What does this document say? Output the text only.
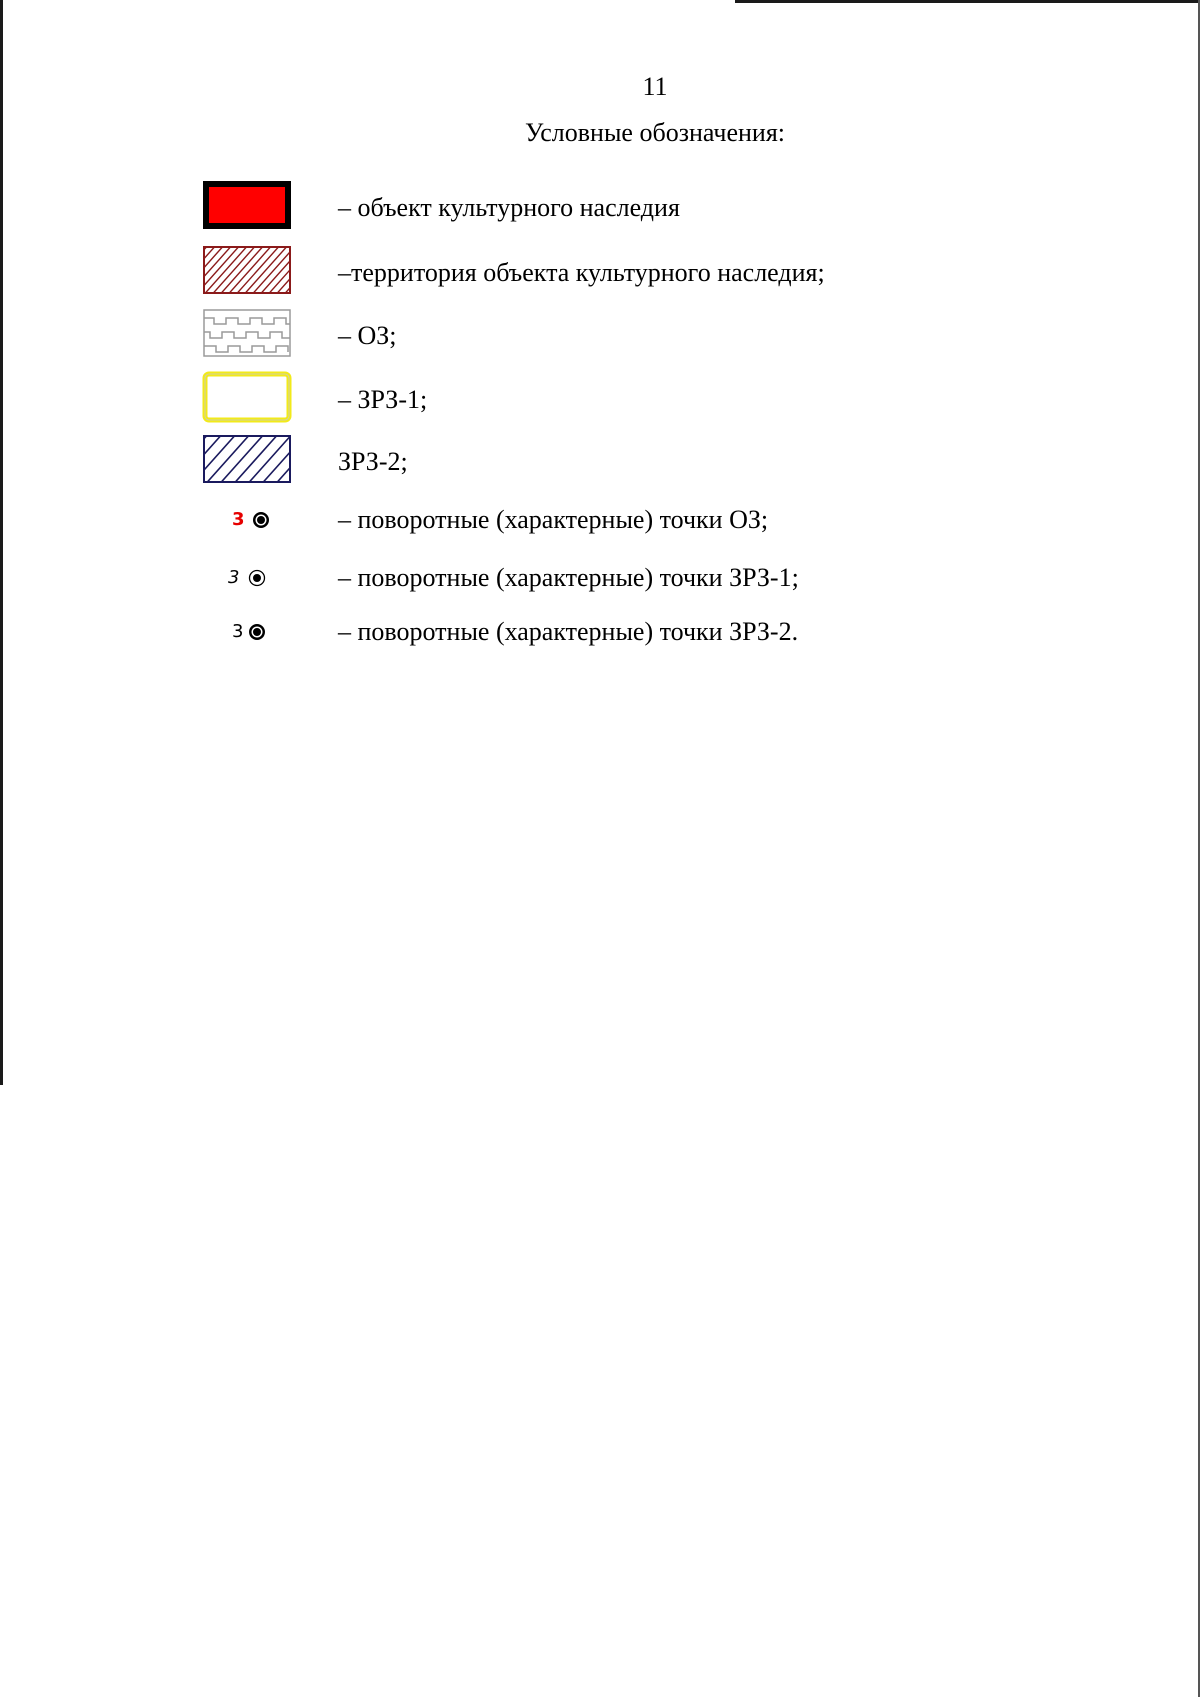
11
Условные обозначения:
– объект культурного наследия
–территория объекта культурного наследия;
– ОЗ;
– ЗРЗ-1;
ЗРЗ-2;
3	– поворотные (характерные) точки ОЗ;
3	– поворотные (характерные) точки ЗРЗ-1;
3	– поворотные (характерные) точки ЗРЗ-2.
